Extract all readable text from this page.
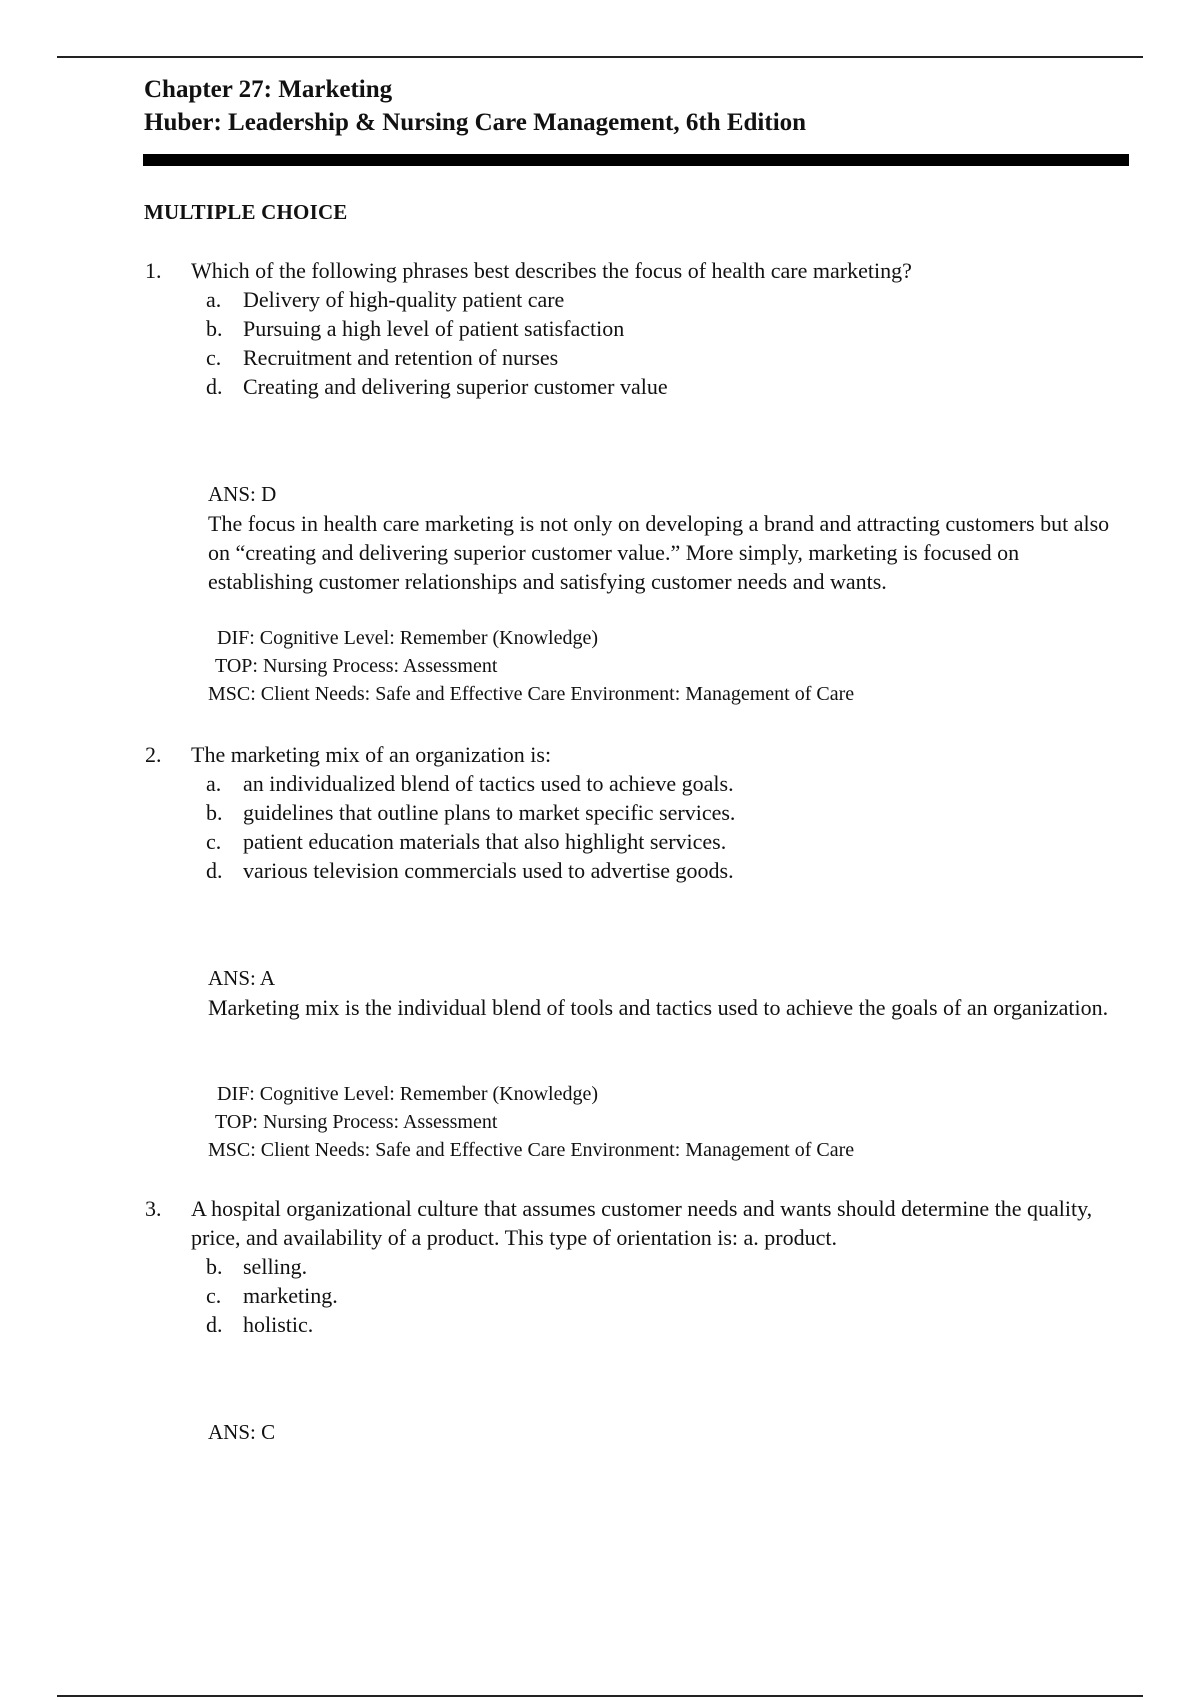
Chapter 27: Marketing
Huber: Leadership & Nursing Care Management, 6th Edition
MULTIPLE CHOICE
1. Which of the following phrases best describes the focus of health care marketing?
a. Delivery of high-quality patient care
b. Pursuing a high level of patient satisfaction
c. Recruitment and retention of nurses
d. Creating and delivering superior customer value
ANS: D
The focus in health care marketing is not only on developing a brand and attracting customers but also on “creating and delivering superior customer value.” More simply, marketing is focused on establishing customer relationships and satisfying customer needs and wants.
DIF: Cognitive Level: Remember (Knowledge)
TOP: Nursing Process: Assessment
MSC: Client Needs: Safe and Effective Care Environment: Management of Care
2. The marketing mix of an organization is:
a. an individualized blend of tactics used to achieve goals.
b. guidelines that outline plans to market specific services.
c. patient education materials that also highlight services.
d. various television commercials used to advertise goods.
ANS: A
Marketing mix is the individual blend of tools and tactics used to achieve the goals of an organization.
DIF: Cognitive Level: Remember (Knowledge)
TOP: Nursing Process: Assessment
MSC: Client Needs: Safe and Effective Care Environment: Management of Care
3. A hospital organizational culture that assumes customer needs and wants should determine the quality, price, and availability of a product. This type of orientation is: a. product.
b. selling.
c. marketing.
d. holistic.
ANS: C
